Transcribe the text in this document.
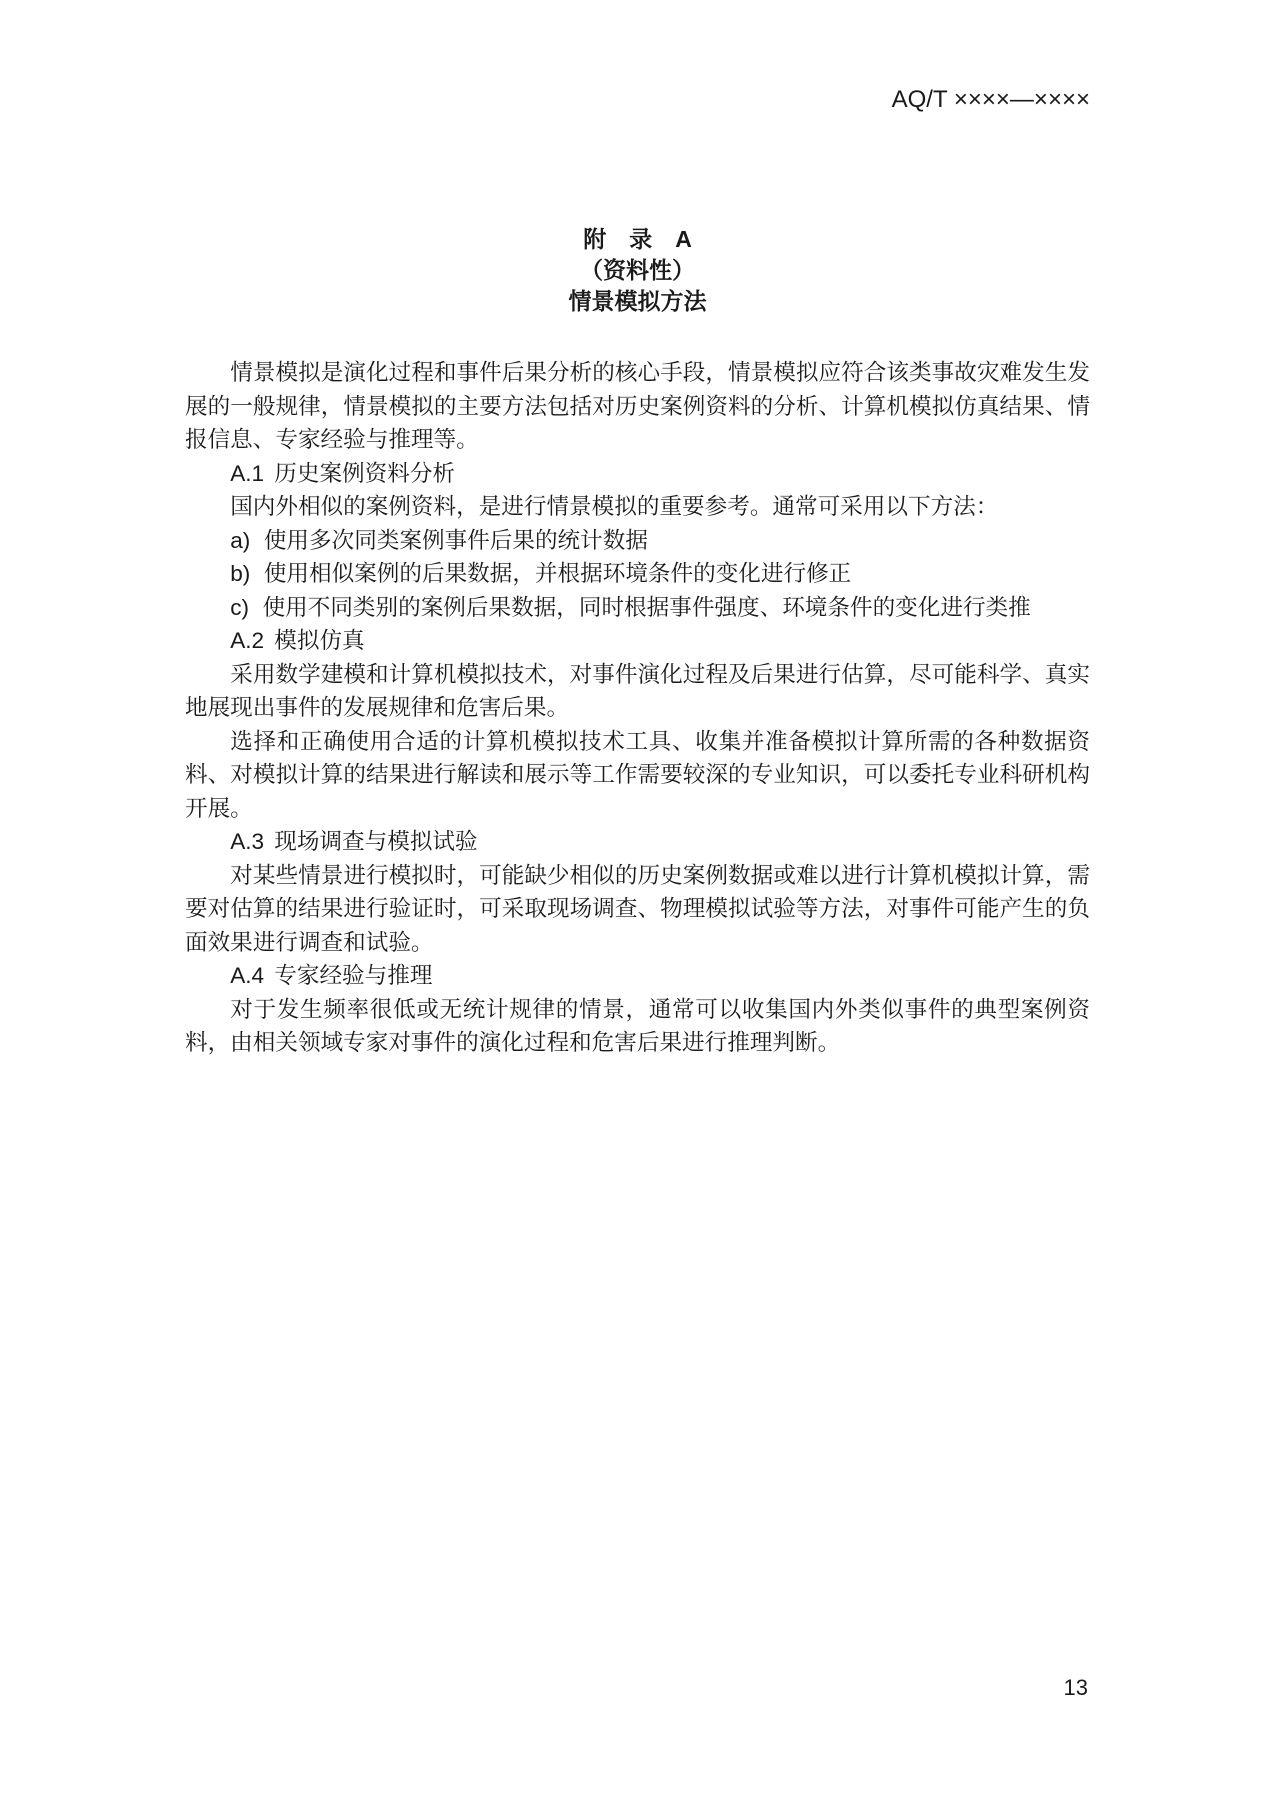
AQ/T ××××—××××
附　录　A
（资料性）
情景模拟方法

情景模拟是演化过程和事件后果分析的核心手段，情景模拟应符合该类事故灾难发生发展的一般规律，情景模拟的主要方法包括对历史案例资料的分析、计算机模拟仿真结果、情报信息、专家经验与推理等。

A.1 历史案例资料分析

国内外相似的案例资料，是进行情景模拟的重要参考。通常可采用以下方法：

a) 使用多次同类案例事件后果的统计数据
b) 使用相似案例的后果数据，并根据环境条件的变化进行修正
c) 使用不同类别的案例后果数据，同时根据事件强度、环境条件的变化进行类推
A.2 模拟仿真

采用数学建模和计算机模拟技术，对事件演化过程及后果进行估算，尽可能科学、真实地展现出事件的发展规律和危害后果。

选择和正确使用合适的计算机模拟技术工具、收集并准备模拟计算所需的各种数据资料、对模拟计算的结果进行解读和展示等工作需要较深的专业知识，可以委托专业科研机构开展。

A.3 现场调查与模拟试验

对某些情景进行模拟时，可能缺少相似的历史案例数据或难以进行计算机模拟计算，需要对估算的结果进行验证时，可采取现场调查、物理模拟试验等方法，对事件可能产生的负面效果进行调查和试验。

A.4 专家经验与推理

对于发生频率很低或无统计规律的情景，通常可以收集国内外类似事件的典型案例资料，由相关领域专家对事件的演化过程和危害后果进行推理判断。

13
